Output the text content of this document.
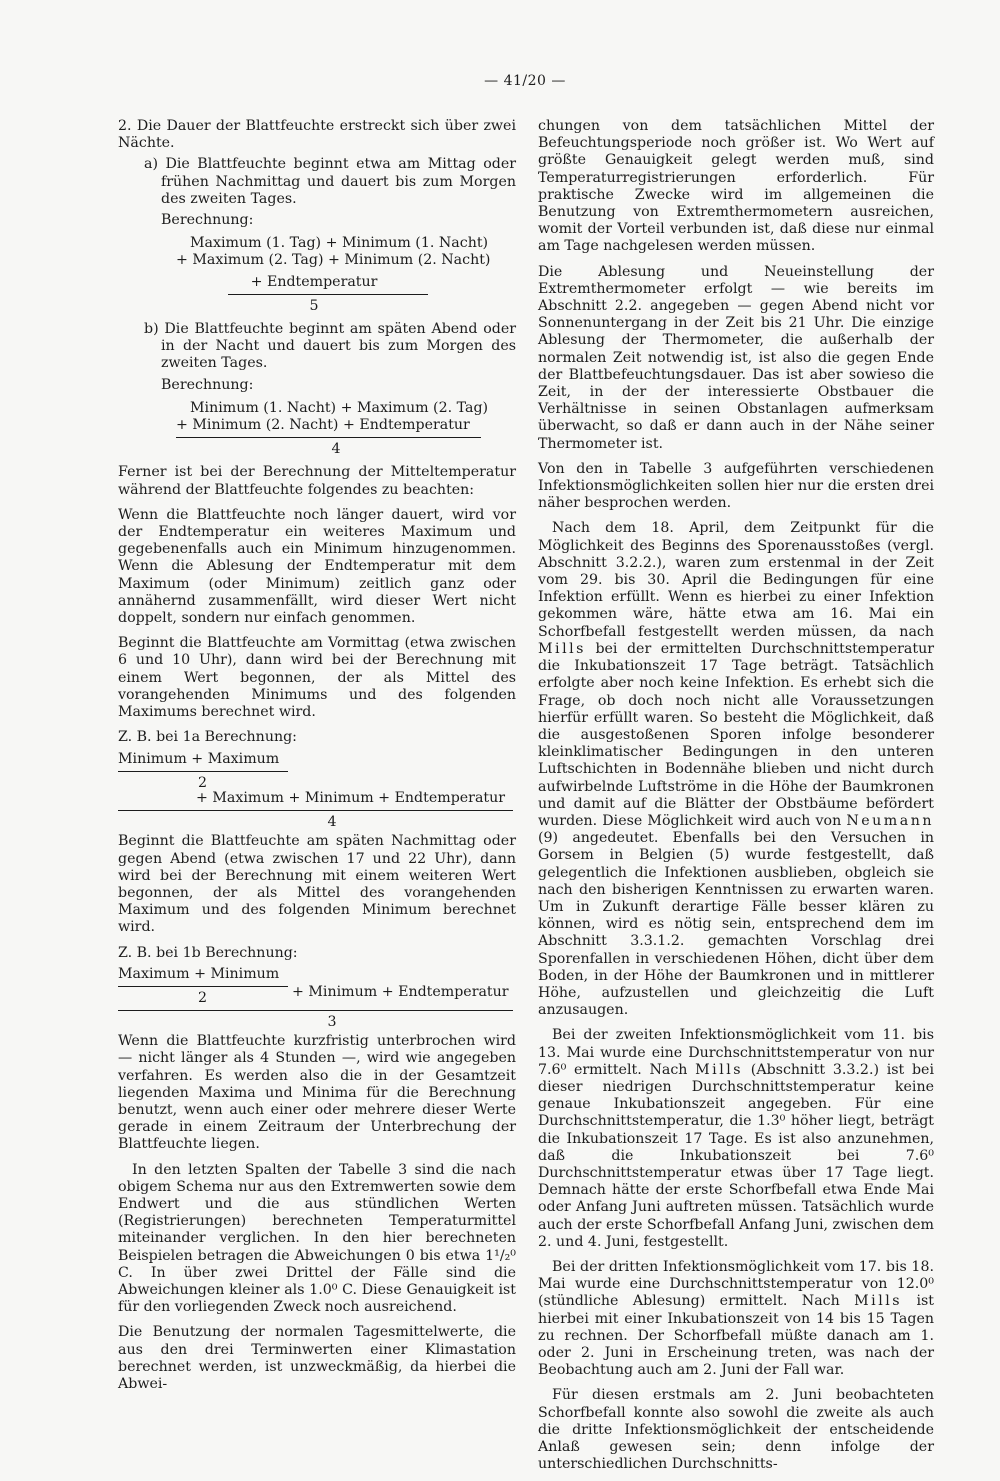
— 41/20 —

2. Die Dauer der Blattfeuchte erstreckt sich über zwei Nächte.

a) Die Blattfeuchte beginnt etwa am Mittag oder frühen Nachmittag und dauert bis zum Morgen des zweiten Tages.

Berechnung:

Maximum (1. Tag) + Minimum (1. Nacht)
+ Maximum (2. Tag) + Minimum (2. Nacht)
+ Endtemperatur
5

b) Die Blattfeuchte beginnt am späten Abend oder in der Nacht und dauert bis zum Morgen des zweiten Tages.

Berechnung:

Minimum (1. Nacht) + Maximum (2. Tag)
+ Minimum (2. Nacht) + Endtemperatur
4

Ferner ist bei der Berechnung der Mitteltemperatur während der Blattfeuchte folgendes zu beachten:

Wenn die Blattfeuchte noch länger dauert, wird vor der Endtemperatur ein weiteres Maximum und gegebenenfalls auch ein Minimum hinzugenommen. Wenn die Ablesung der Endtemperatur mit dem Maximum (oder Minimum) zeitlich ganz oder annähernd zusammenfällt, wird dieser Wert nicht doppelt, sondern nur einfach genommen.

Beginnt die Blattfeuchte am Vormittag (etwa zwischen 6 und 10 Uhr), dann wird bei der Berechnung mit einem Wert begonnen, der als Mittel des vorangehenden Minimums und des folgenden Maximums berechnet wird.

Z. B. bei 1a Berechnung:

Minimum + Maximum
2
+ Maximum + Minimum + Endtemperatur
4

Beginnt die Blattfeuchte am späten Nachmittag oder gegen Abend (etwa zwischen 17 und 22 Uhr), dann wird bei der Berechnung mit einem weiteren Wert begonnen, der als Mittel des vorangehenden Maximum und des folgenden Minimum berechnet wird.

Z. B. bei 1b Berechnung:

Maximum + Minimum
2	+ Minimum + Endtemperatur
3

Wenn die Blattfeuchte kurzfristig unterbrochen wird — nicht länger als 4 Stunden —, wird wie angegeben verfahren. Es werden also die in der Gesamtzeit liegenden Maxima und Minima für die Berechnung benutzt, wenn auch einer oder mehrere dieser Werte gerade in einem Zeitraum der Unterbrechung der Blattfeuchte liegen.

In den letzten Spalten der Tabelle 3 sind die nach obigem Schema nur aus den Extremwerten sowie dem Endwert und die aus stündlichen Werten (Registrierungen) berechneten Temperaturmittel miteinander verglichen. In den hier berechneten Beispielen betragen die Abweichungen 0 bis etwa 1¹/₂⁰ C. In über zwei Drittel der Fälle sind die Abweichungen kleiner als 1.0⁰ C. Diese Genauigkeit ist für den vorliegenden Zweck noch ausreichend.

Die Benutzung der normalen Tagesmittelwerte, die aus den drei Terminwerten einer Klimastation berechnet werden, ist unzweckmäßig, da hierbei die Abwei-

chungen von dem tatsächlichen Mittel der Befeuchtungsperiode noch größer ist. Wo Wert auf größte Genauigkeit gelegt werden muß, sind Temperaturregistrierungen erforderlich. Für praktische Zwecke wird im allgemeinen die Benutzung von Extremthermometern ausreichen, womit der Vorteil verbunden ist, daß diese nur einmal am Tage nachgelesen werden müssen.

Die Ablesung und Neueinstellung der Extremthermometer erfolgt — wie bereits im Abschnitt 2.2. angegeben — gegen Abend nicht vor Sonnenuntergang in der Zeit bis 21 Uhr. Die einzige Ablesung der Thermometer, die außerhalb der normalen Zeit notwendig ist, ist also die gegen Ende der Blattbefeuchtungsdauer. Das ist aber sowieso die Zeit, in der der interessierte Obstbauer die Verhältnisse in seinen Obstanlagen aufmerksam überwacht, so daß er dann auch in der Nähe seiner Thermometer ist.

Von den in Tabelle 3 aufgeführten verschiedenen Infektionsmöglichkeiten sollen hier nur die ersten drei näher besprochen werden.

Nach dem 18. April, dem Zeitpunkt für die Möglichkeit des Beginns des Sporenausstoßes (vergl. Abschnitt 3.2.2.), waren zum erstenmal in der Zeit vom 29. bis 30. April die Bedingungen für eine Infektion erfüllt. Wenn es hierbei zu einer Infektion gekommen wäre, hätte etwa am 16. Mai ein Schorfbefall festgestellt werden müssen, da nach Mills bei der ermittelten Durchschnittstemperatur die Inkubationszeit 17 Tage beträgt. Tatsächlich erfolgte aber noch keine Infektion. Es erhebt sich die Frage, ob doch noch nicht alle Voraussetzungen hierfür erfüllt waren. So besteht die Möglichkeit, daß die ausgestoßenen Sporen infolge besonderer kleinklimatischer Bedingungen in den unteren Luftschichten in Bodennähe blieben und nicht durch aufwirbelnde Luftströme in die Höhe der Baumkronen und damit auf die Blätter der Obstbäume befördert wurden. Diese Möglichkeit wird auch von Neumann (9) angedeutet. Ebenfalls bei den Versuchen in Gorsem in Belgien (5) wurde festgestellt, daß gelegentlich die Infektionen ausblieben, obgleich sie nach den bisherigen Kenntnissen zu erwarten waren. Um in Zukunft derartige Fälle besser klären zu können, wird es nötig sein, entsprechend dem im Abschnitt 3.3.1.2. gemachten Vorschlag drei Sporenfallen in verschiedenen Höhen, dicht über dem Boden, in der Höhe der Baumkronen und in mittlerer Höhe, aufzustellen und gleichzeitig die Luft anzusaugen.

Bei der zweiten Infektionsmöglichkeit vom 11. bis 13. Mai wurde eine Durchschnittstemperatur von nur 7.6⁰ ermittelt. Nach Mills (Abschnitt 3.3.2.) ist bei dieser niedrigen Durchschnittstemperatur keine genaue Inkubationszeit angegeben. Für eine Durchschnittstemperatur, die 1.3⁰ höher liegt, beträgt die Inkubationszeit 17 Tage. Es ist also anzunehmen, daß die Inkubationszeit bei 7.6⁰ Durchschnittstemperatur etwas über 17 Tage liegt. Demnach hätte der erste Schorfbefall etwa Ende Mai oder Anfang Juni auftreten müssen. Tatsächlich wurde auch der erste Schorfbefall Anfang Juni, zwischen dem 2. und 4. Juni, festgestellt.

Bei der dritten Infektionsmöglichkeit vom 17. bis 18. Mai wurde eine Durchschnittstemperatur von 12.0⁰ (stündliche Ablesung) ermittelt. Nach Mills ist hierbei mit einer Inkubationszeit von 14 bis 15 Tagen zu rechnen. Der Schorfbefall müßte danach am 1. oder 2. Juni in Erscheinung treten, was nach der Beobachtung auch am 2. Juni der Fall war.

Für diesen erstmals am 2. Juni beobachteten Schorfbefall konnte also sowohl die zweite als auch die dritte Infektionsmöglichkeit der entscheidende Anlaß gewesen sein; denn infolge der unterschiedlichen Durchschnitts-
